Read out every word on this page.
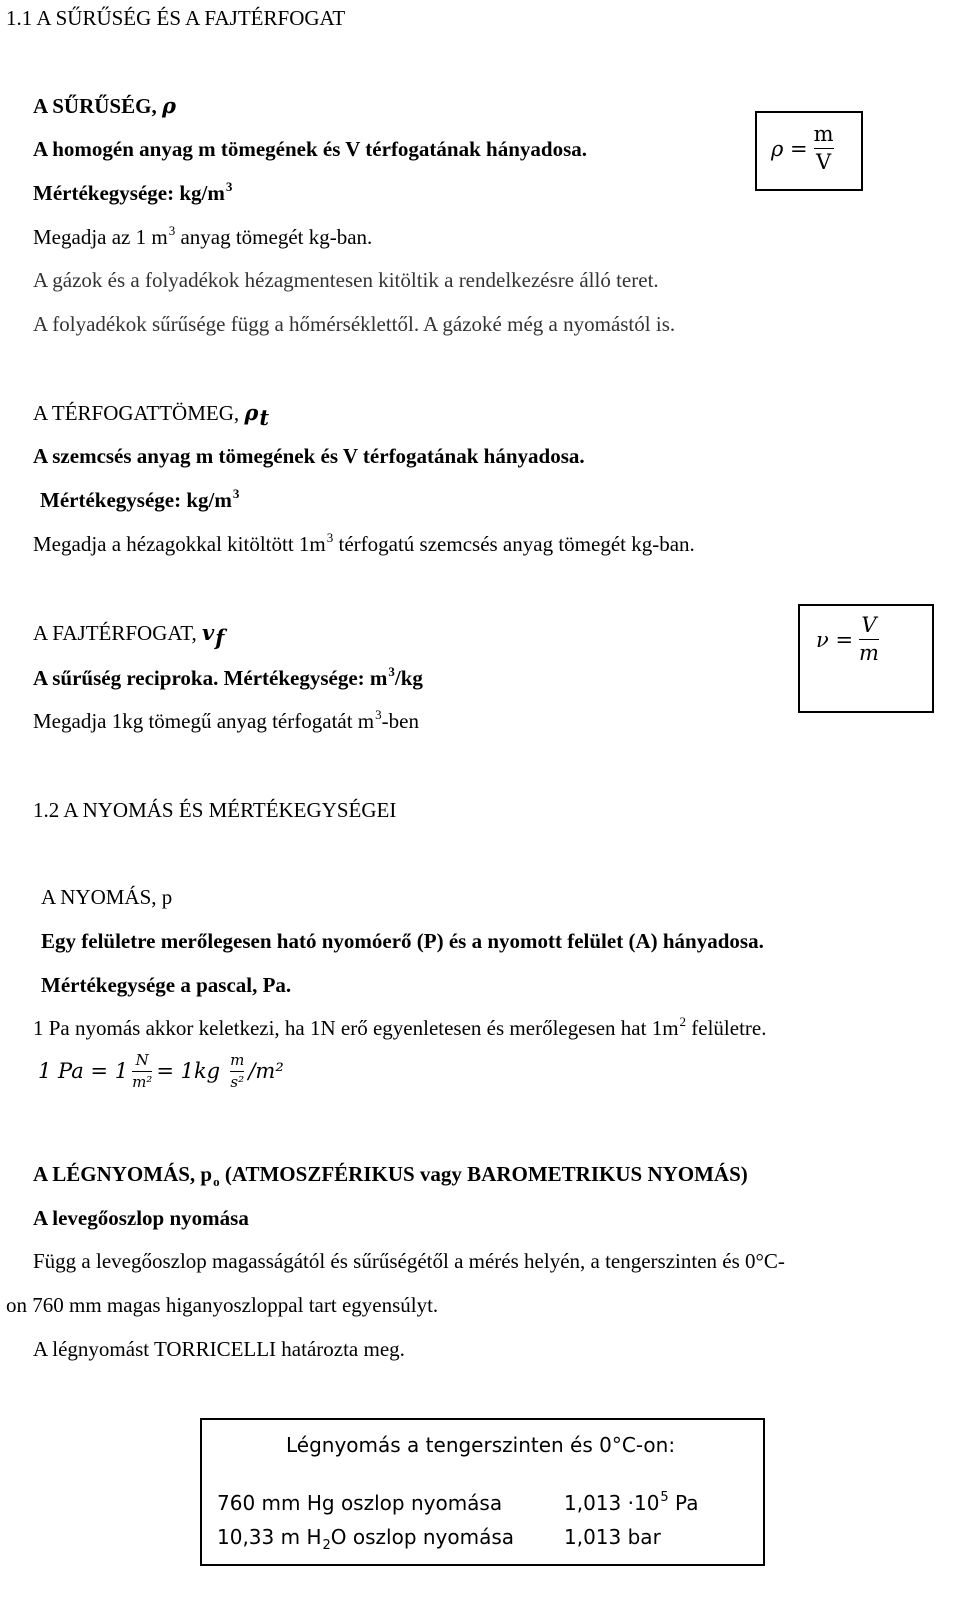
1.1 A SŰRŰSÉG ÉS A FAJTÉRFOGAT
A SŰRŰSÉG, ρ
A homogén anyag m tömegének és V térfogatának hányadosa.
Mértékegysége: $kg/m^3$
Megadja az 1 $m^3$ anyag tömegét kg-ban.
A gázok és a folyadékok hézagmentesen kitöltik a rendelkezésre álló teret.
A folyadékok sűrűsége függ a hőmérséklettől. A gázoké még a nyomástól is.
$\rho = \frac{m}{V}$
A TÉRFOGATTÖMEG, ρt
A szemcsés anyag m tömegének és V térfogatának hányadosa.
Mértékegysége: $kg/m^3$
Megadja a hézagokkal kitöltött $1m^3$ térfogatú szemcsés anyag tömegét kg-ban.
A FAJTÉRFOGAT, vf
A sűrűség reciproka. Mértékegysége: $m^3/kg$
Megadja 1kg tömegű anyag térfogatát $m^3$-ben
$\nu = \frac{V}{m}$
1.2 A NYOMÁS ÉS MÉRTÉKEGYSÉGEI
A NYOMÁS, p
Egy felületre merőlegesen ható nyomóerő (P) és a nyomott felület (A) hányadosa.
Mértékegysége a pascal, Pa.
1 Pa nyomás akkor keletkezi, ha 1N erő egyenletesen és merőlegesen hat $1m^2$ felületre.
1 $Pa = 1 \frac{N}{\text{m²}} = 1kg \frac{m}{\text{s²}} /m^2$
A LÉGNYOMÁS, $p_o$ (ATMOSZFÉRIKUS vagy BAROMETRIKUS NYOMÁS)
A levegőoszlop nyomása
Függ a levegőoszlop magasságától és sűrűségétől a mérés helyén, a tengerszinten és 0°C-
on 760 mm magas higanyoszloppal tart egyensúlyt.
A légnyomást TORRICELLI határozta meg.
Légnyomás a tengerszinten és 0°C-on:
760 mm Hg oszlop nyomása	$1,013 \cdot 10^5$ Pa
10,33 m $H_2O$ oszlop nyomása 1,013 bar
